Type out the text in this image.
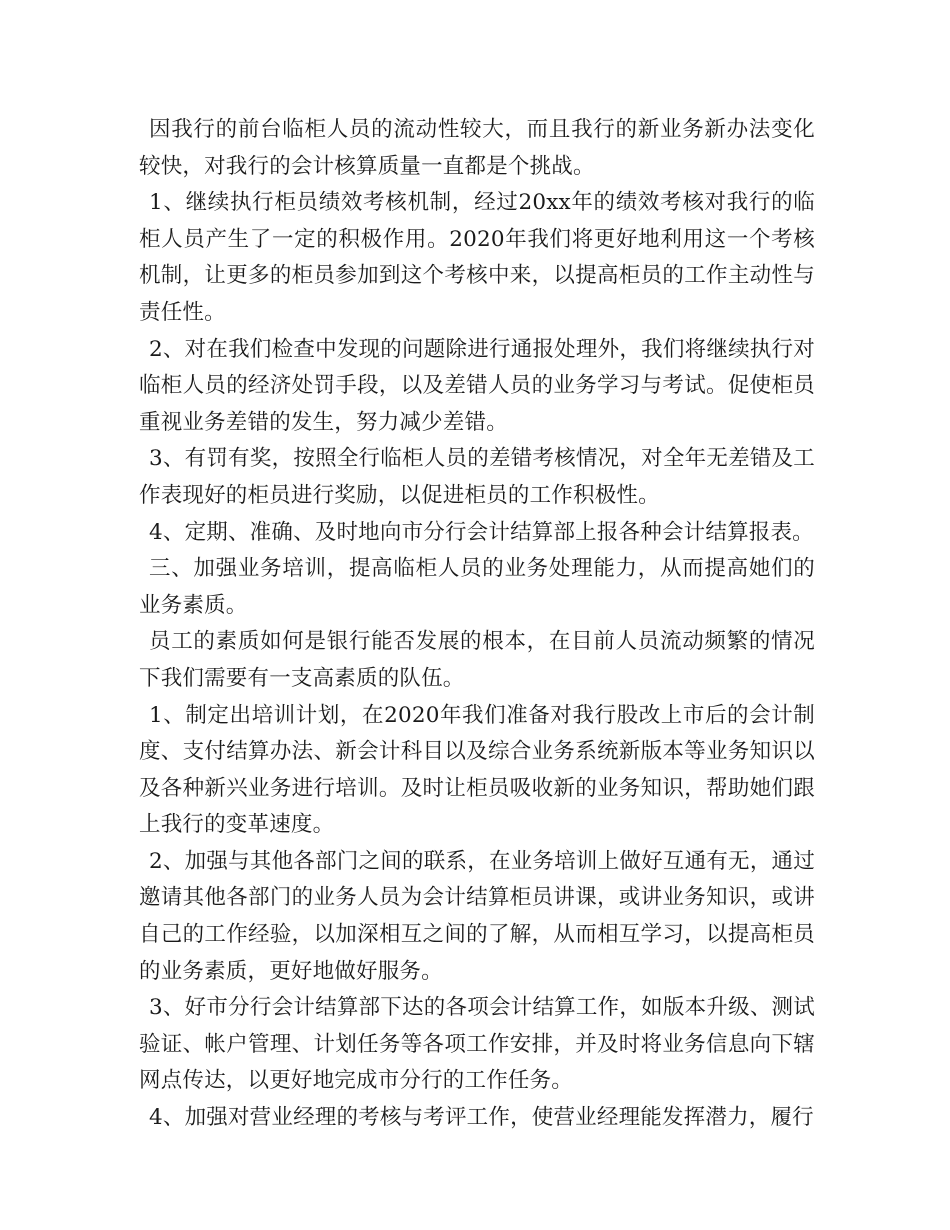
因我行的前台临柜人员的流动性较大，而且我行的新业务新办法变化较快，对我行的会计核算质量一直都是个挑战。

1、继续执行柜员绩效考核机制，经过20xx年的绩效考核对我行的临柜人员产生了一定的积极作用。2020年我们将更好地利用这一个考核机制，让更多的柜员参加到这个考核中来，以提高柜员的工作主动性与责任性。

2、对在我们检查中发现的问题除进行通报处理外，我们将继续执行对临柜人员的经济处罚手段，以及差错人员的业务学习与考试。促使柜员重视业务差错的发生，努力减少差错。

3、有罚有奖，按照全行临柜人员的差错考核情况，对全年无差错及工作表现好的柜员进行奖励，以促进柜员的工作积极性。

4、定期、准确、及时地向市分行会计结算部上报各种会计结算报表。

三、加强业务培训，提高临柜人员的业务处理能力，从而提高她们的业务素质。

员工的素质如何是银行能否发展的根本，在目前人员流动频繁的情况下我们需要有一支高素质的队伍。

1、制定出培训计划，在2020年我们准备对我行股改上市后的会计制度、支付结算办法、新会计科目以及综合业务系统新版本等业务知识以及各种新兴业务进行培训。及时让柜员吸收新的业务知识，帮助她们跟上我行的变革速度。

2、加强与其他各部门之间的联系，在业务培训上做好互通有无，通过邀请其他各部门的业务人员为会计结算柜员讲课，或讲业务知识，或讲自己的工作经验，以加深相互之间的了解，从而相互学习，以提高柜员的业务素质，更好地做好服务。

3、好市分行会计结算部下达的各项会计结算工作，如版本升级、测试验证、帐户管理、计划任务等各项工作安排，并及时将业务信息向下辖网点传达，以更好地完成市分行的工作任务。

4、加强对营业经理的考核与考评工作，使营业经理能发挥潜力，履行
